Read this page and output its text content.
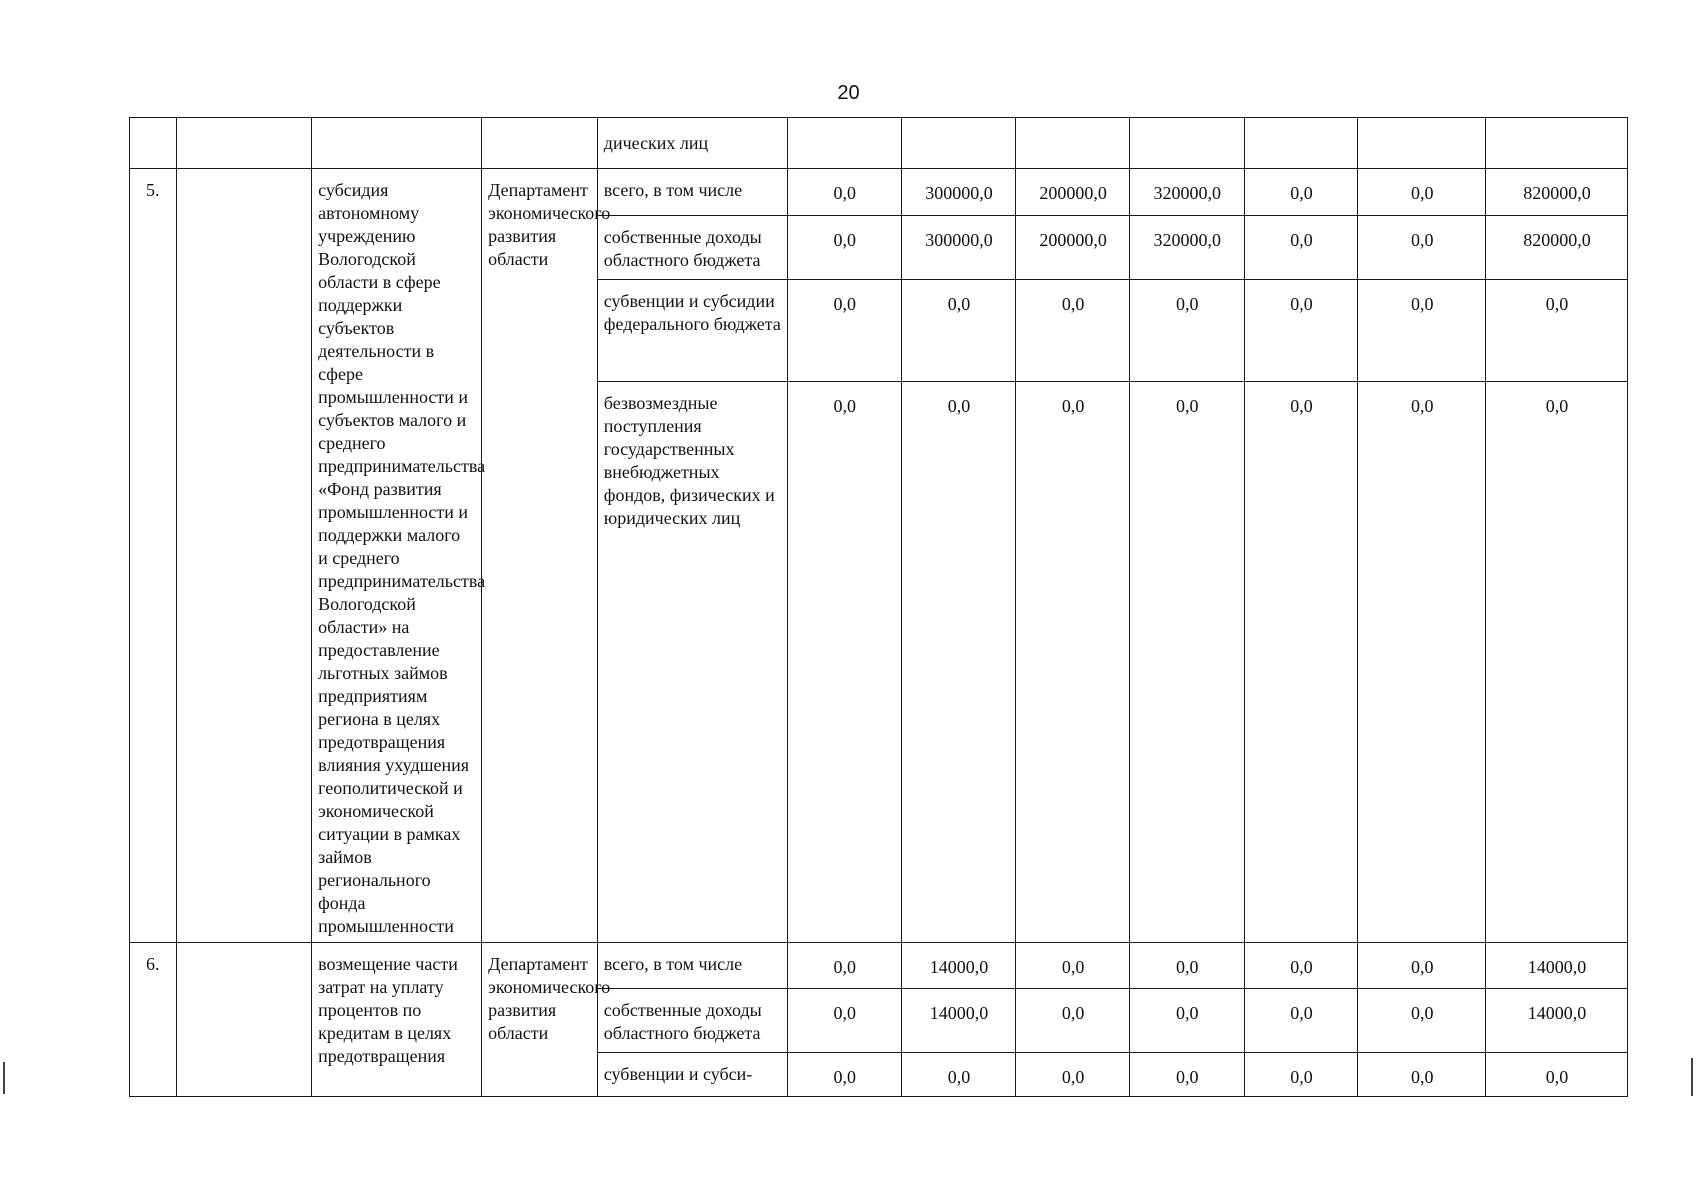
20
				дических лиц							
5.		субсидия автономному учреждению Вологодской области в сфере поддержки субъектов деятельности в сфере промышленности и субъектов малого и среднего предпринимательства «Фонд развития промышленности и поддержки малого и среднего предпринимательства Вологодской области» на предоставление льготных займов предприятиям региона в целях предотвращения влияния ухудшения геополитической и экономической ситуации в рамках займов регионального фонда промышленности	Департамент экономического развития области	всего, в том числе	0,0	300000,0	200000,0	320000,0	0,0	0,0	820000,0
				собственные доходы областного бюджета	0,0	300000,0	200000,0	320000,0	0,0	0,0	820000,0
				субвенции и субсидии федерального бюджета	0,0	0,0	0,0	0,0	0,0	0,0	0,0
				безвозмездные поступления государственных внебюджетных фондов, физических и юридических лиц	0,0	0,0	0,0	0,0	0,0	0,0	0,0
6.		возмещение части затрат на уплату процентов по кредитам в целях предотвращения	Департамент экономического развития области	всего, в том числе	0,0	14000,0	0,0	0,0	0,0	0,0	14000,0
				собственные доходы областного бюджета	0,0	14000,0	0,0	0,0	0,0	0,0	14000,0
				субвенции и субси-	0,0	0,0	0,0	0,0	0,0	0,0	0,0
